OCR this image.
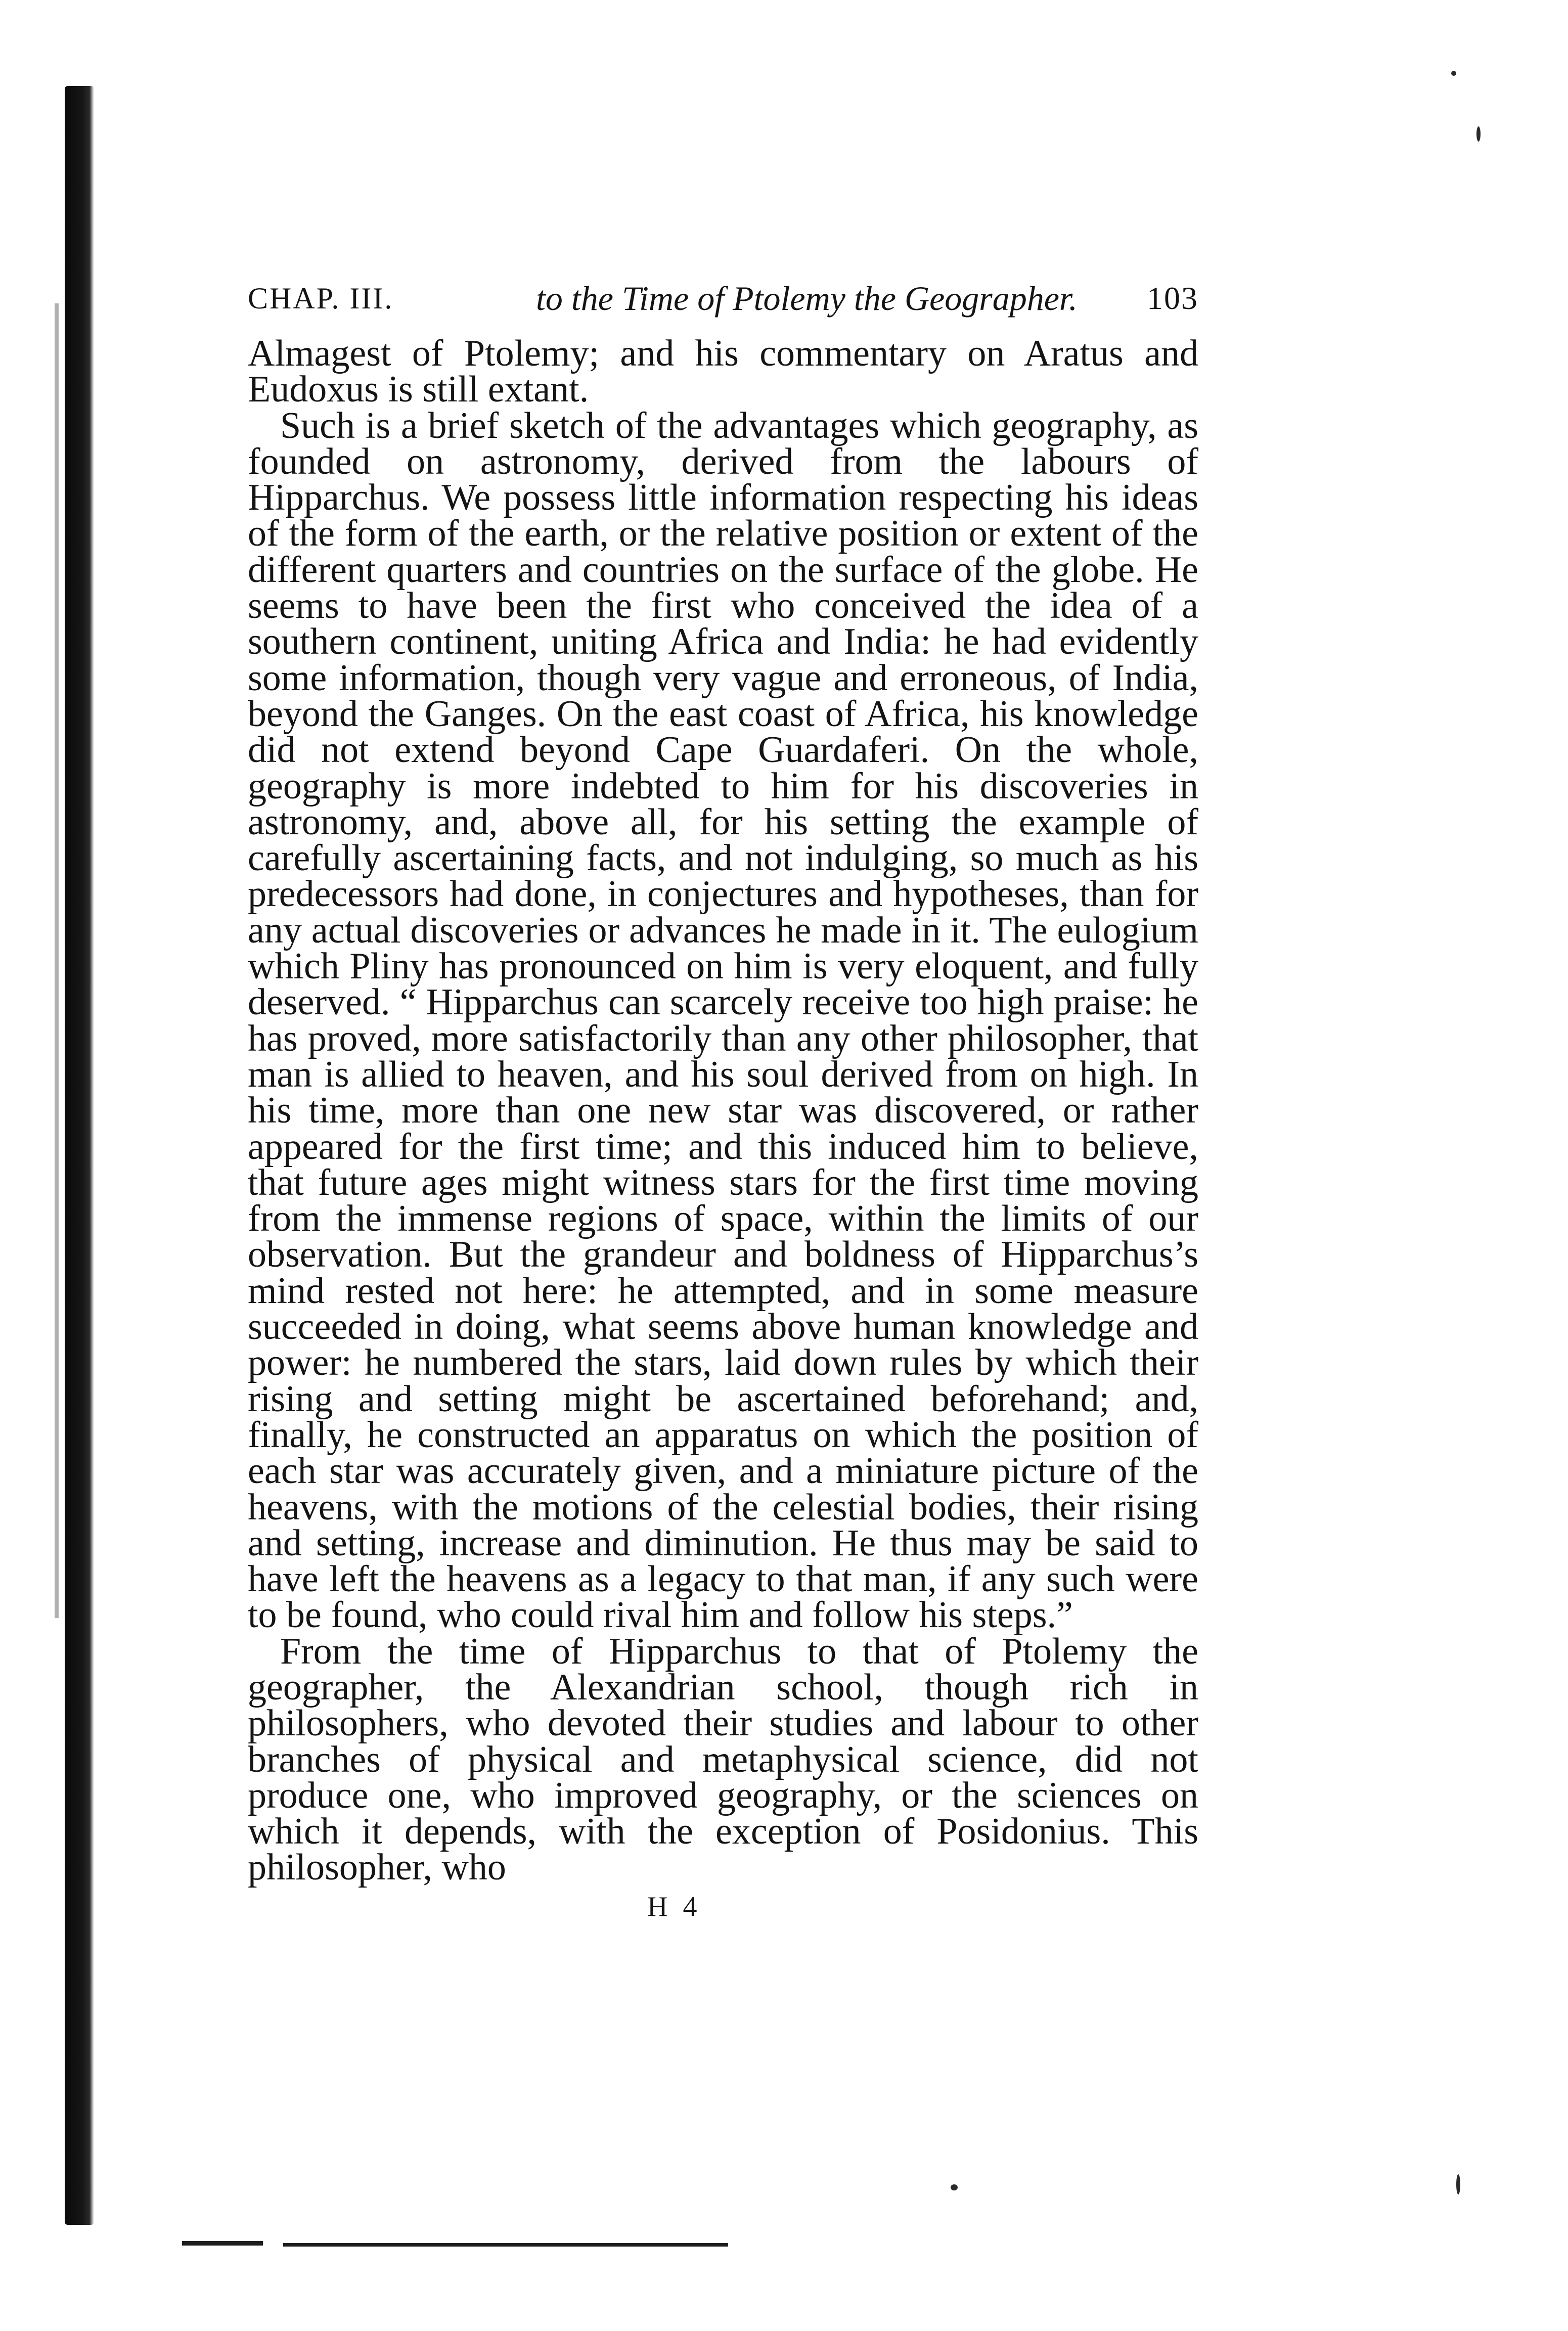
CHAP. III.	to the Time of Ptolemy the Geographer. 103

Almagest of Ptolemy; and his commentary on Aratus and Eudoxus is still extant.

Such is a brief sketch of the advantages which geography, as founded on astronomy, derived from the labours of Hipparchus. We possess little information respecting his ideas of the form of the earth, or the relative position or extent of the different quarters and countries on the surface of the globe. He seems to have been the first who conceived the idea of a southern continent, uniting Africa and India: he had evidently some information, though very vague and erroneous, of India, beyond the Ganges. On the east coast of Africa, his knowledge did not extend beyond Cape Guardaferi. On the whole, geography is more indebted to him for his discoveries in astronomy, and, above all, for his setting the example of carefully ascertaining facts, and not indulging, so much as his predecessors had done, in conjectures and hypotheses, than for any actual discoveries or advances he made in it. The eulogium which Pliny has pronounced on him is very eloquent, and fully deserved. “ Hipparchus can scarcely receive too high praise: he has proved, more satisfactorily than any other philosopher, that man is allied to heaven, and his soul derived from on high. In his time, more than one new star was discovered, or rather appeared for the first time; and this induced him to believe, that future ages might witness stars for the first time moving from the immense regions of space, within the limits of our observation. But the grandeur and boldness of Hipparchus’s mind rested not here: he attempted, and in some measure succeeded in doing, what seems above human knowledge and power: he numbered the stars, laid down rules by which their rising and setting might be ascertained beforehand; and, finally, he constructed an apparatus on which the position of each star was accurately given, and a miniature picture of the heavens, with the motions of the celestial bodies, their rising and setting, increase and diminution. He thus may be said to have left the heavens as a legacy to that man, if any such were to be found, who could rival him and follow his steps.”

From the time of Hipparchus to that of Ptolemy the geographer, the Alexandrian school, though rich in philosophers, who devoted their studies and labour to other branches of physical and metaphysical science, did not produce one, who improved geography, or the sciences on which it depends, with the exception of Posidonius. This philosopher, who

H 4
